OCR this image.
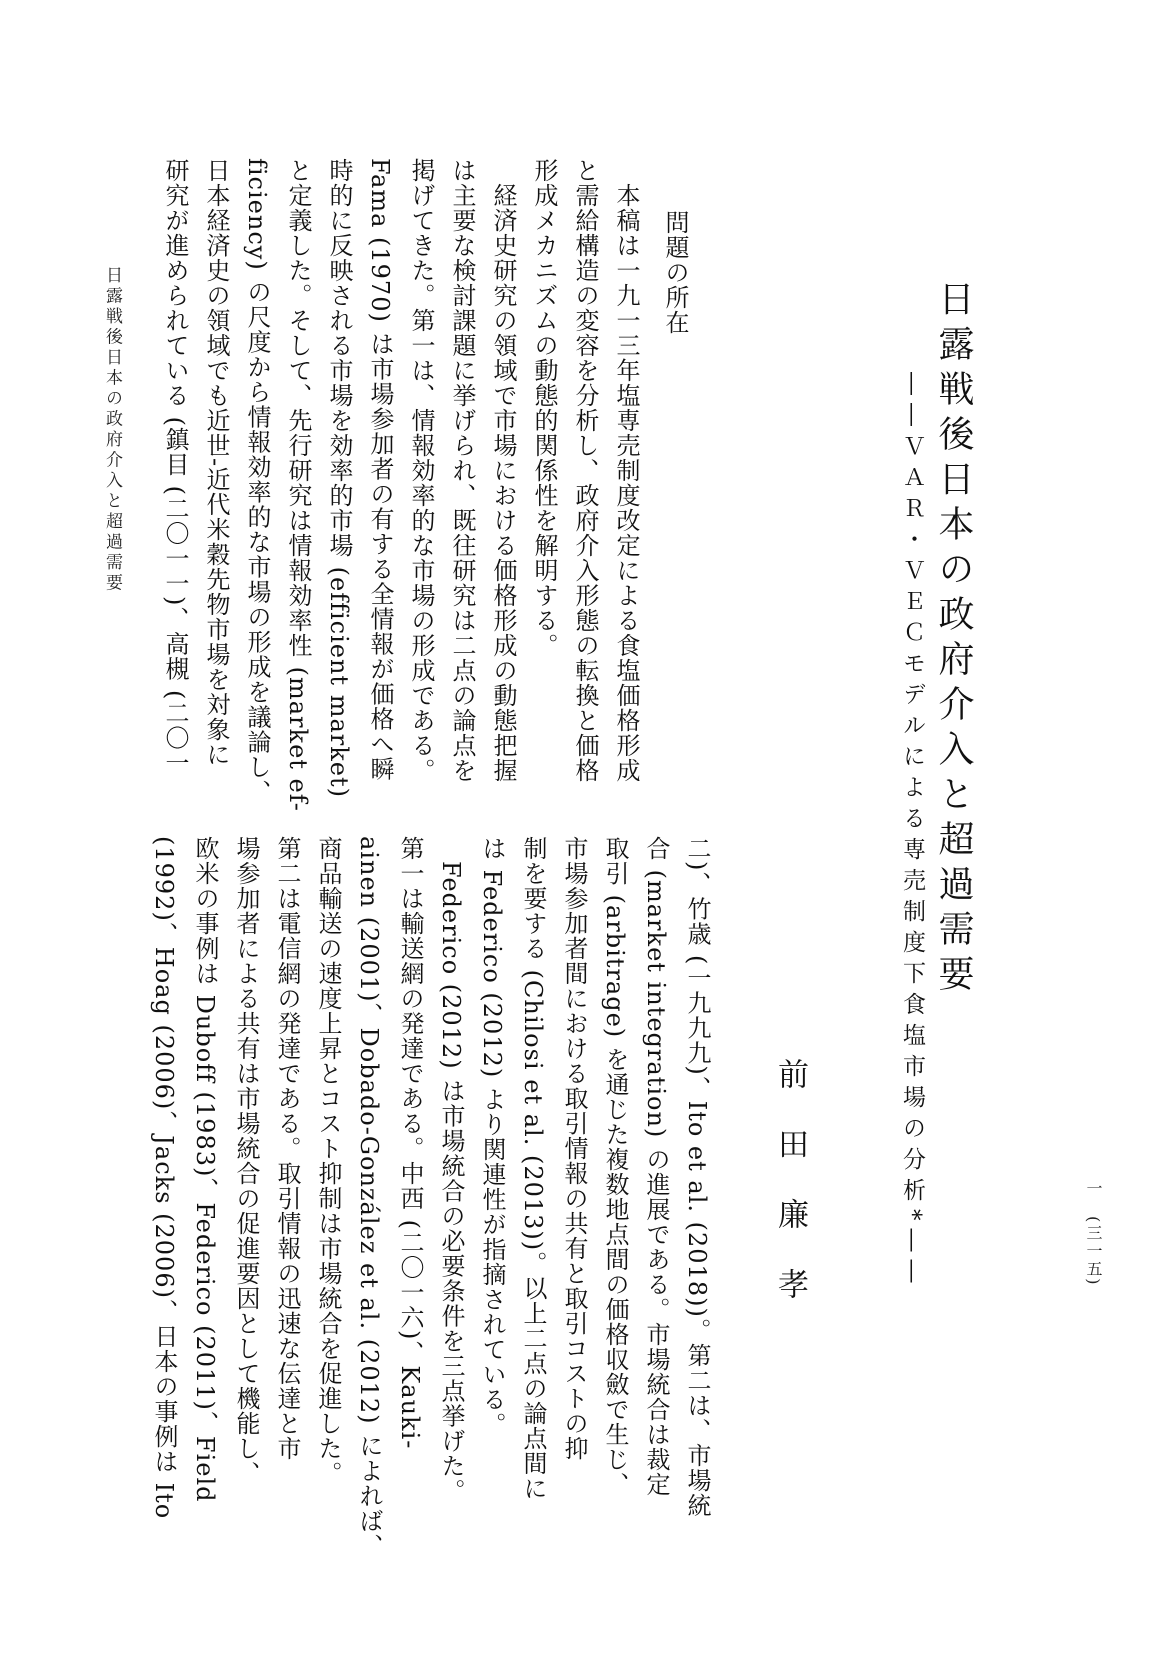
日露戦後日本の政府介入と超過需要
――ＶＡＲ・ＶＥＣモデルによる専売制度下食塩市場の分析*――
前　田　廉　孝
問題の所在
　本稿は一九一三年塩専売制度改定による食塩価格形成
と需給構造の変容を分析し、政府介入形態の転換と価格
形成メカニズムの動態的関係性を解明する。
　経済史研究の領域で市場における価格形成の動態把握
は主要な検討課題に挙げられ、既往研究は二点の論点を
掲げてきた。第一は、情報効率的な市場の形成である。
Fama (1970) は市場参加者の有する全情報が価格へ瞬
時的に反映される市場を効率的市場 (efficient market)
と定義した。そして、先行研究は情報効率性 (market ef-
ficiency) の尺度から情報効率的な市場の形成を議論し、
日本経済史の領域でも近世‐近代米穀先物市場を対象に
研究が進められている (鎮目 (二〇一一)、高槻 (二〇一
二)、竹歳 (一九九九)、Ito et al. (2018))。第二は、市場統
合 (market integration) の進展である。市場統合は裁定
取引 (arbitrage) を通じた複数地点間の価格収斂で生じ、
市場参加者間における取引情報の共有と取引コストの抑
制を要する (Chilosi et al. (2013))。以上二点の論点間に
は Federico (2012) より関連性が指摘されている。
　Federico (2012) は市場統合の必要条件を三点挙げた。
第一は輸送網の発達である。中西 (二〇一六)、Kauki-
ainen (2001)、Dobado-González et al. (2012) によれば、
商品輸送の速度上昇とコスト抑制は市場統合を促進した。
第二は電信網の発達である。取引情報の迅速な伝達と市
場参加者による共有は市場統合の促進要因として機能し、
欧米の事例は Duboff (1983)、Federico (2011)、Field
(1992)、Hoag (2006)、Jacks (2006)、日本の事例は Ito
日露戦後日本の政府介入と超過需要
一　(三一五)
